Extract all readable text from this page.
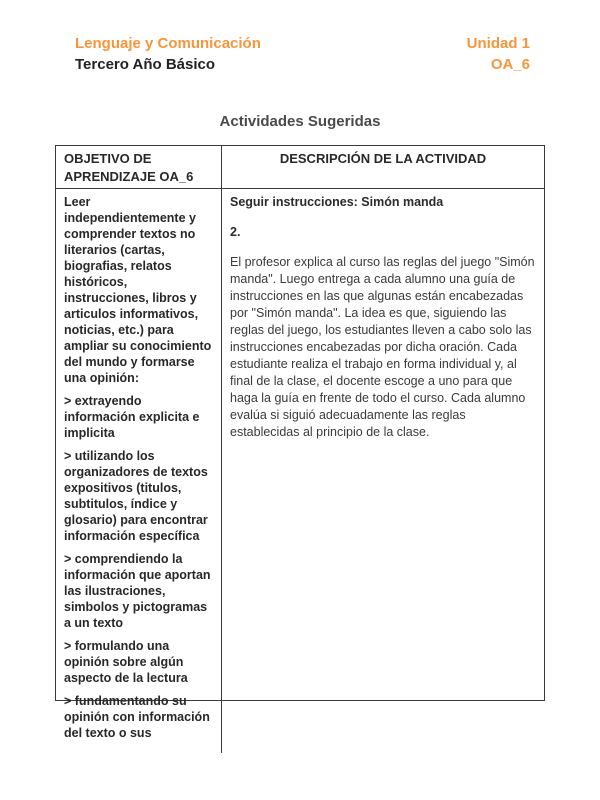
Lenguaje y Comunicación
Tercero Año Básico
Unidad 1
OA_6
Actividades Sugeridas
OBJETIVO DE APRENDIZAJE OA_6
DESCRIPCIÓN DE LA ACTIVIDAD

Leer independientemente y comprender textos no literarios (cartas, biografias, relatos históricos, instrucciones, libros y articulos informativos, noticias, etc.) para ampliar su conocimiento del mundo y formarse una opinión:

> extrayendo información explicita e implicita

> utilizando los organizadores de textos expositivos (titulos, subtitulos, índice y glosario) para encontrar información específica

> comprendiendo la información que aportan las ilustraciones, simbolos y pictogramas a un texto

> formulando una opinión sobre algún aspecto de la lectura

> fundamentando su opinión con información del texto o sus

Seguir instrucciones: Simón manda

2.

El profesor explica al curso las reglas del juego "Simón manda". Luego entrega a cada alumno una guía de instrucciones en las que algunas están encabezadas por "Simón manda". La idea es que, siguiendo las reglas del juego, los estudiantes lleven a cabo solo las instrucciones encabezadas por dicha oración. Cada estudiante realiza el trabajo en forma individual y, al final de la clase, el docente escoge a uno para que haga la guía en frente de todo el curso. Cada alumno evalúa si siguió adecuadamente las reglas establecidas al principio de la clase.
